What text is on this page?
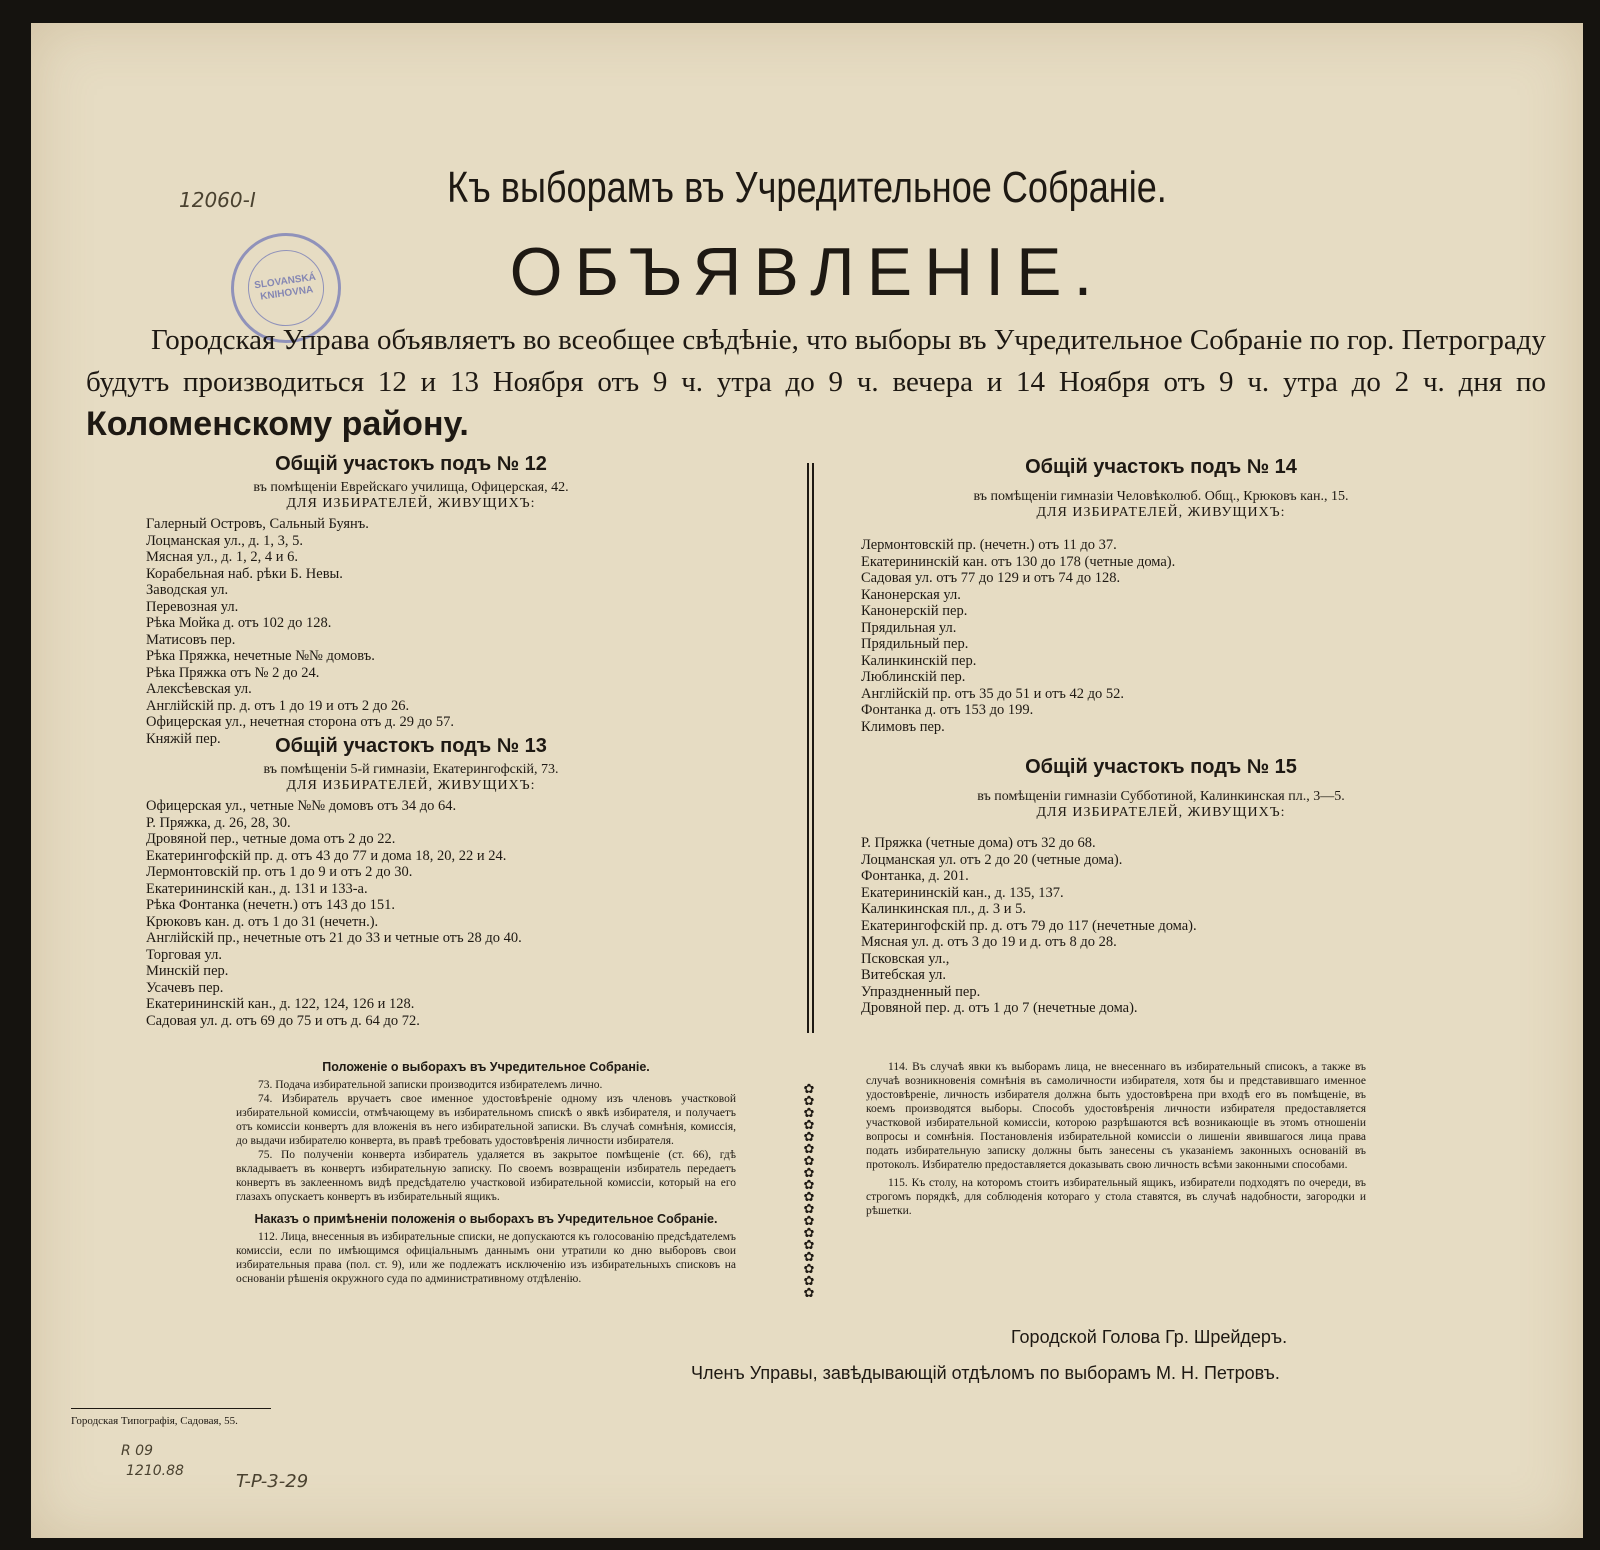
12060-I
SLOVANSKÁ KNIHOVNA
Къ выборамъ въ Учредительное Собраніе.
ОБЪЯВЛЕНІЕ.
Городская Управа объявляетъ во всеобщее свѣдѣніе, что выборы въ Учредительное Собраніе по гор. Петрограду будутъ производиться 12 и 13 Ноября отъ 9 ч. утра до 9 ч. вечера и 14 Ноября отъ 9 ч. утра до 2 ч. дня по Коломенскому району.
Общій участокъ подъ № 12
въ помѣщеніи Еврейскаго училища, Офицерская, 42.
ДЛЯ ИЗБИРАТЕЛЕЙ, ЖИВУЩИХЪ:
Галерный Островъ, Сальный Буянъ.
Лоцманская ул., д. 1, 3, 5.
Мясная ул., д. 1, 2, 4 и 6.
Корабельная наб. рѣки Б. Невы.
Заводская ул.
Перевозная ул.
Рѣка Мойка д. отъ 102 до 128.
Матисовъ пер.
Рѣка Пряжка, нечетные №№ домовъ.
Рѣка Пряжка отъ № 2 до 24.
Алексѣевская ул.
Англійскій пр. д. отъ 1 до 19 и отъ 2 до 26.
Офицерская ул., нечетная сторона отъ д. 29 до 57.
Княжій пер.	Общій участокъ подъ № 13
въ помѣщеніи 5-й гимназіи, Екатерингофскій, 73.
ДЛЯ ИЗБИРАТЕЛЕЙ, ЖИВУЩИХЪ:
Офицерская ул., четные №№ домовъ отъ 34 до 64.
Р. Пряжка, д. 26, 28, 30.
Дровяной пер., четные дома отъ 2 до 22.
Екатерингофскій пр. д. отъ 43 до 77 и дома 18, 20, 22 и 24.
Лермонтовскій пр. отъ 1 до 9 и отъ 2 до 30.
Екатерининскій кан., д. 131 и 133-а.
Рѣка Фонтанка (нечетн.) отъ 143 до 151.
Крюковъ кан. д. отъ 1 до 31 (нечетн.).
Англійскій пр., нечетные отъ 21 до 33 и четные отъ 28 до 40.
Торговая ул.
Минскій пер.
Усачевъ пер.
Екатерининскій кан., д. 122, 124, 126 и 128.
Садовая ул. д. отъ 69 до 75 и отъ д. 64 до 72.
Общій участокъ подъ № 14
въ помѣщеніи гимназіи Человѣколюб. Общ., Крюковъ кан., 15.
ДЛЯ ИЗБИРАТЕЛЕЙ, ЖИВУЩИХЪ:
Лермонтовскій пр. (нечетн.) отъ 11 до 37.
Екатерининскій кан. отъ 130 до 178 (четные дома).
Садовая ул. отъ 77 до 129 и отъ 74 до 128.
Канонерская ул.
Канонерскій пер.
Прядильная ул.
Прядильный пер.
Калинкинскій пер.
Люблинскій пер.
Англійскій пр. отъ 35 до 51 и отъ 42 до 52.
Фонтанка д. отъ 153 до 199.
Климовъ пер.
Общій участокъ подъ № 15
въ помѣщеніи гимназіи Субботиной, Калинкинская пл., 3—5.
ДЛЯ ИЗБИРАТЕЛЕЙ, ЖИВУЩИХЪ:
Р. Пряжка (четные дома) отъ 32 до 68.
Лоцманская ул. отъ 2 до 20 (четные дома).
Фонтанка, д. 201.
Екатерининскій кан., д. 135, 137.
Калинкинская пл., д. 3 и 5.
Екатерингофскій пр. д. отъ 79 до 117 (нечетные дома).
Мясная ул. д. отъ 3 до 19 и д. отъ 8 до 28.
Псковская ул.,
Витебская ул.
Упраздненный пер.
Дровяной пер. д. отъ 1 до 7 (нечетные дома).
Положеніе о выборахъ въ Учредительное Собраніе.

73. Подача избирательной записки производится избирателемъ лично.

74. Избиратель вручаетъ свое именное удостовѣреніе одному изъ членовъ участковой избирательной комиссіи, отмѣчающему въ избирательномъ спискѣ о явкѣ избирателя, и получаетъ отъ комиссіи конвертъ для вложенія въ него избирательной записки. Въ случаѣ сомнѣнія, комиссія, до выдачи избирателю конверта, въ правѣ требовать удостовѣренія личности избирателя.

75. По полученіи конверта избиратель удаляется въ закрытое помѣщеніе (ст. 66), гдѣ вкладываетъ въ конвертъ избирательную записку. По своемъ возвращеніи избиратель передаетъ конвертъ въ заклеенномъ видѣ предсѣдателю участковой избирательной комиссіи, который на его глазахъ опускаетъ конвертъ въ избирательный ящикъ.

Наказъ о примѣненіи положенія о выборахъ въ Учредительное Собраніе.

112. Лица, внесенныя въ избирательные списки, не допускаются къ голосованію предсѣдателемъ комиссіи, если по имѣющимся офиціальнымъ даннымъ они утратили ко дню выборовъ свои избирательныя права (пол. ст. 9), или же подлежатъ исключенію изъ избирательныхъ списковъ на основаніи рѣшенія окружного суда по административному отдѣленію.

✿
✿
✿
✿
✿
✿
✿
✿
✿
✿
✿
✿
✿
✿
✿
✿
✿
✿

114. Въ случаѣ явки къ выборамъ лица, не внесеннаго въ избирательный списокъ, а также въ случаѣ возникновенія сомнѣнія въ самоличности избирателя, хотя бы и представившаго именное удостовѣреніе, личность избирателя должна быть удостовѣрена при входѣ его въ помѣщеніе, въ коемъ производятся выборы. Способъ удостовѣренія личности избирателя предоставляется участковой избирательной комиссіи, которою разрѣшаются всѣ возникающіе въ этомъ отношеніи вопросы и сомнѣнія. Постановленія избирательной комиссіи о лишеніи явившагося лица права подать избирательную записку должны быть занесены съ указаніемъ законныхъ основаній въ протоколъ. Избирателю предоставляется доказывать свою личность всѣми законными способами.

115. Къ столу, на которомъ стоитъ избирательный ящикъ, избиратели подходятъ по очереди, въ строгомъ порядкѣ, для соблюденія котораго у стола ставятся, въ случаѣ надобности, загородки и рѣшетки.

Городской Голова Гр. Шрейдеръ.
Членъ Управы, завѣдывающій отдѣломъ по выборамъ М. Н. Петровъ.
Городская Типографія, Садовая, 55.
R 09
1210.88	T-P-3-29
